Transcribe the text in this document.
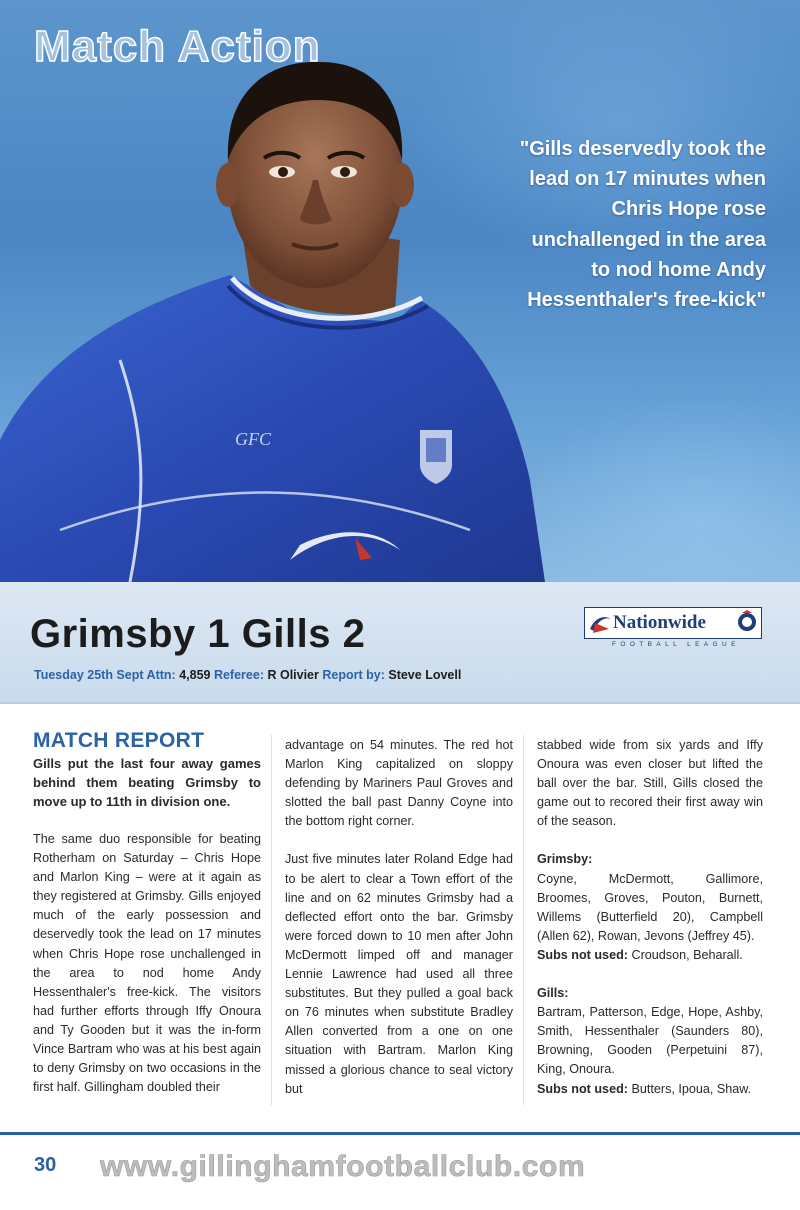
GFC
Match Action
"Gills deservedly took the lead on 17 minutes when Chris Hope rose unchallenged in the area to nod home Andy Hessenthaler's free-kick"
Grimsby 1 Gills 2	Nationwide
FOOTBALL LEAGUE
Tuesday 25th Sept Attn: 4,859 Referee: R Olivier Report by: Steve Lovell
MATCH REPORT

Gills put the last four away games behind them beating Grimsby to move up to 11th in division one.

The same duo responsible for beating Rotherham on Saturday – Chris Hope and Marlon King – were at it again as they registered at Grimsby. Gills enjoyed much of the early possession and deservedly took the lead on 17 minutes when Chris Hope rose unchallenged in the area to nod home Andy Hessenthaler's free-kick. The visitors had further efforts through Iffy Onoura and Ty Gooden but it was the in-form Vince Bartram who was at his best again to deny Grimsby on two occasions in the first half. Gillingham doubled their

advantage on 54 minutes. The red hot Marlon King capitalized on sloppy defending by Mariners Paul Groves and slotted the ball past Danny Coyne into the bottom right corner.

Just five minutes later Roland Edge had to be alert to clear a Town effort of the line and on 62 minutes Grimsby had a deflected effort onto the bar. Grimsby were forced down to 10 men after John McDermott limped off and manager Lennie Lawrence had used all three substitutes. But they pulled a goal back on 76 minutes when substitute Bradley Allen converted from a one on one situation with Bartram. Marlon King missed a glorious chance to seal victory but

stabbed wide from six yards and Iffy Onoura was even closer but lifted the ball over the bar. Still, Gills closed the game out to recored their first away win of the season.

Grimsby:

Coyne, McDermott, Gallimore, Broomes, Groves, Pouton, Burnett, Willems (Butterfield 20), Campbell (Allen 62), Rowan, Jevons (Jeffrey 45).

Subs not used: Croudson, Beharall.
Gills:

Bartram, Patterson, Edge, Hope, Ashby, Smith, Hessenthaler (Saunders 80), Browning, Gooden (Perpetuini 87), King, Onoura.

Subs not used: Butters, Ipoua, Shaw.
30 www.gillinghamfootballclub.com
